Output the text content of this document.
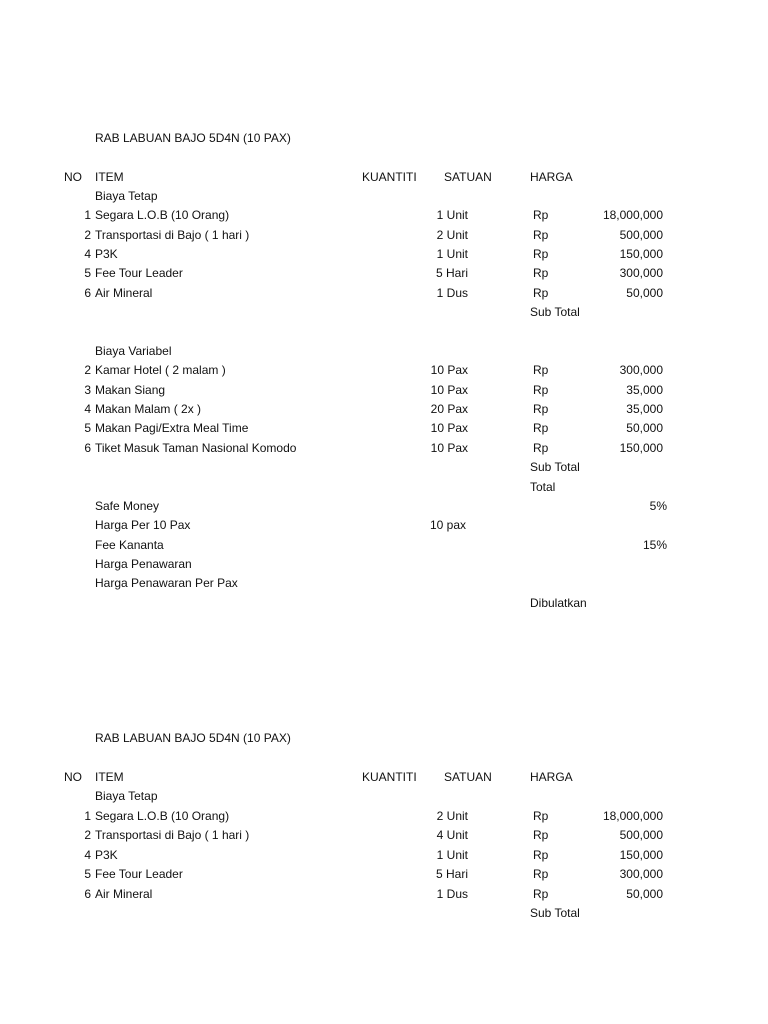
RAB LABUAN BAJO 5D4N (10 PAX)
NO ITEM	KUANTITI SATUAN	HARGA
Biaya Tetap
1 Segara L.O.B (10 Orang)	1 Unit	Rp	18,000,000
2 Transportasi di Bajo ( 1 hari )	2 Unit	Rp	500,000
4 P3K	1 Unit	Rp	150,000
5 Fee Tour Leader	5 Hari	Rp	300,000
6 Air Mineral	1 Dus	Rp	50,000
Sub Total
Biaya Variabel
2 Kamar Hotel ( 2 malam )	10 Pax	Rp	300,000
3 Makan Siang	10 Pax	Rp	35,000
4 Makan Malam ( 2x )	20 Pax	Rp	35,000
5 Makan Pagi/Extra Meal Time	10 Pax	Rp	50,000
6 Tiket Masuk Taman Nasional Komodo	10 Pax	Rp	150,000
Sub Total
Total
Safe Money	5%
Harga Per 10 Pax	10 pax
Fee Kananta	15%
Harga Penawaran
Harga Penawaran Per Pax
Dibulatkan
RAB LABUAN BAJO 5D4N (10 PAX)
NO ITEM	KUANTITI SATUAN	HARGA
Biaya Tetap
1 Segara L.O.B (10 Orang)	2 Unit	Rp	18,000,000
2 Transportasi di Bajo ( 1 hari )	4 Unit	Rp	500,000
4 P3K	1 Unit	Rp	150,000
5 Fee Tour Leader	5 Hari	Rp	300,000
6 Air Mineral	1 Dus	Rp	50,000
Sub Total
